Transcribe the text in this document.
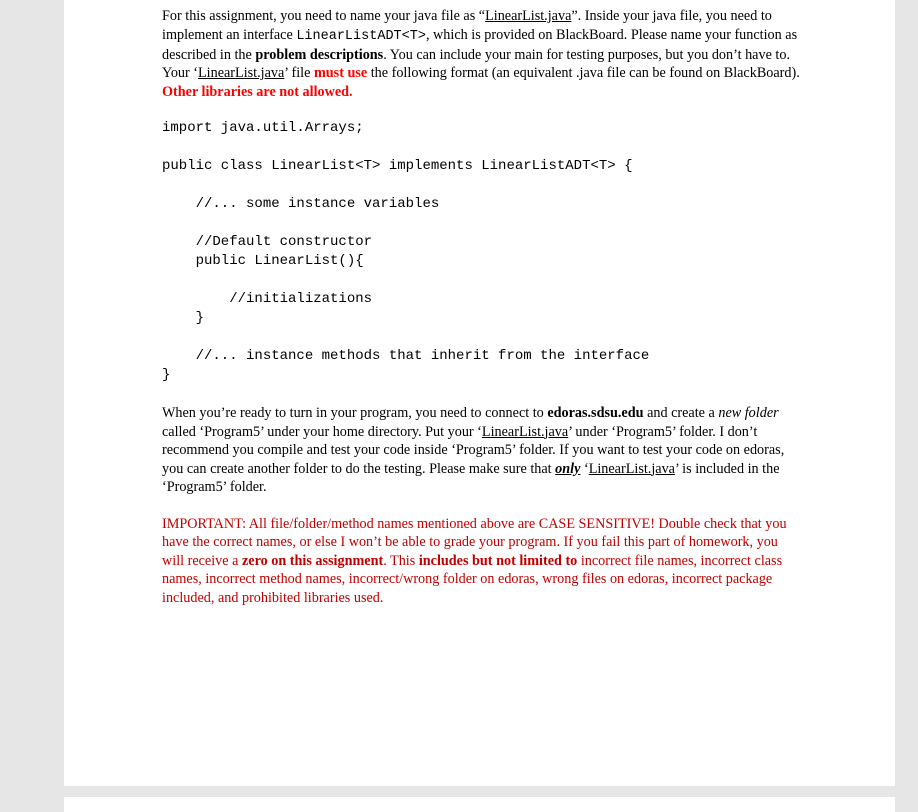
For this assignment, you need to name your java file as “LinearList.java”. Inside your java file, you need to implement an interface LinearListADT<T>, which is provided on BlackBoard. Please name your function as described in the problem descriptions. You can include your main for testing purposes, but you don’t have to. Your ‘LinearList.java’ file must use the following format (an equivalent .java file can be found on BlackBoard). Other libraries are not allowed.

import java.util.Arrays;
public class LinearList<T> implements LinearListADT<T> {
//... some instance variables
//Default constructor
public LinearList(){
//initializations
}
//... instance methods that inherit from the interface
}

When you’re ready to turn in your program, you need to connect to edoras.sdsu.edu and create a new folder called ‘Program5’ under your home directory. Put your ‘LinearList.java’ under ‘Program5’ folder. I don’t recommend you compile and test your code inside ‘Program5’ folder. If you want to test your code on edoras, you can create another folder to do the testing. Please make sure that only ‘LinearList.java’ is included in the ‘Program5’ folder.

IMPORTANT: All file/folder/method names mentioned above are CASE SENSITIVE! Double check that you have the correct names, or else I won’t be able to grade your program. If you fail this part of homework, you will receive a zero on this assignment. This includes but not limited to incorrect file names, incorrect class names, incorrect method names, incorrect/wrong folder on edoras, wrong files on edoras, incorrect package included, and prohibited libraries used.
